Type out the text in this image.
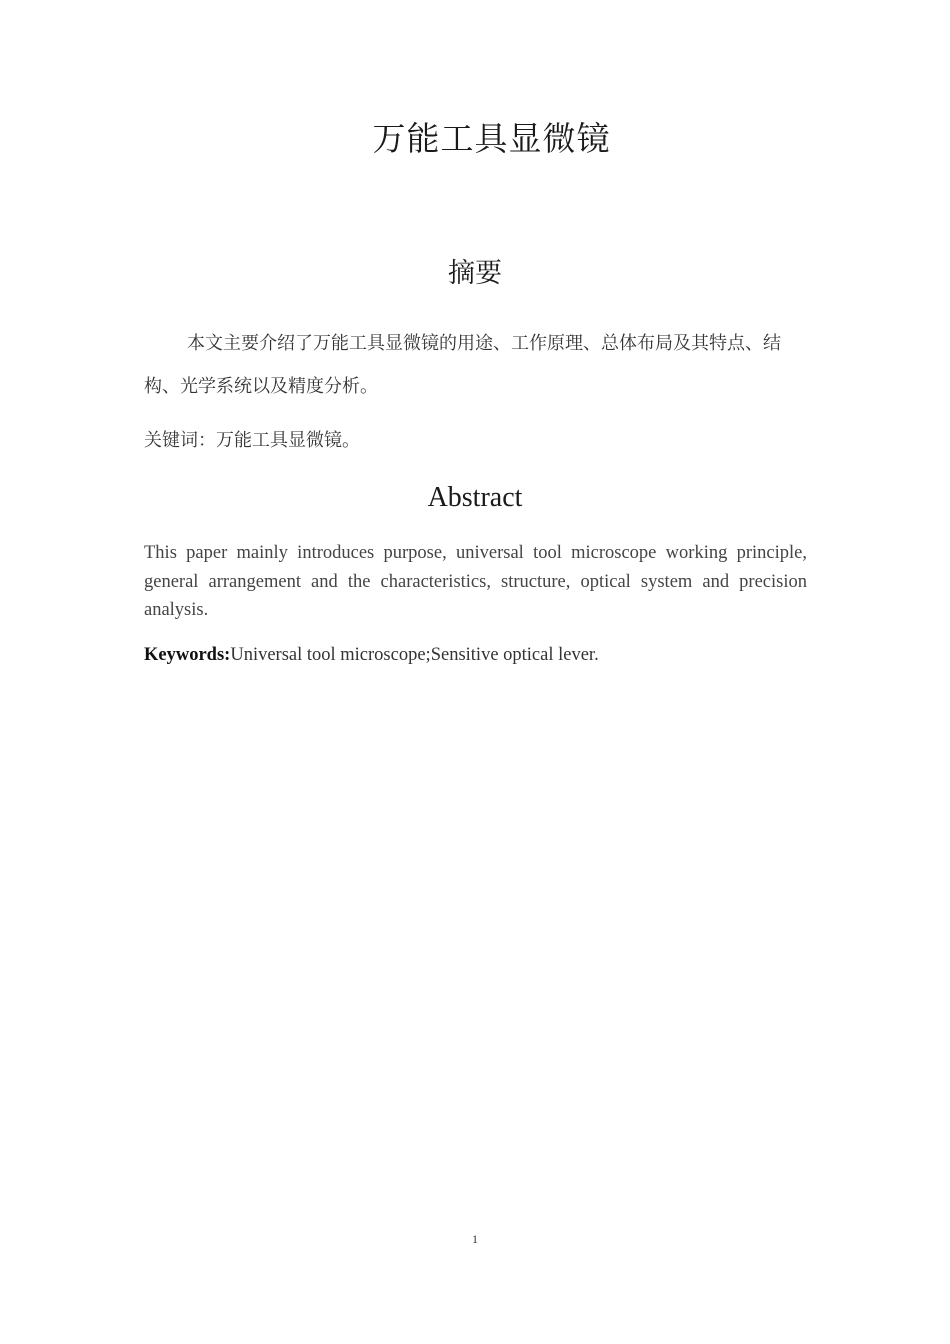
万能工具显微镜
摘要

本文主要介绍了万能工具显微镜的用途、工作原理、总体布局及其特点、结构、光学系统以及精度分析。

关键词：万能工具显微镜。

Abstract

This paper mainly introduces purpose, universal tool microscope working principle, general arrangement and the characteristics, structure, optical system and precision analysis.

Keywords:Universal tool microscope;Sensitive optical lever.

1
